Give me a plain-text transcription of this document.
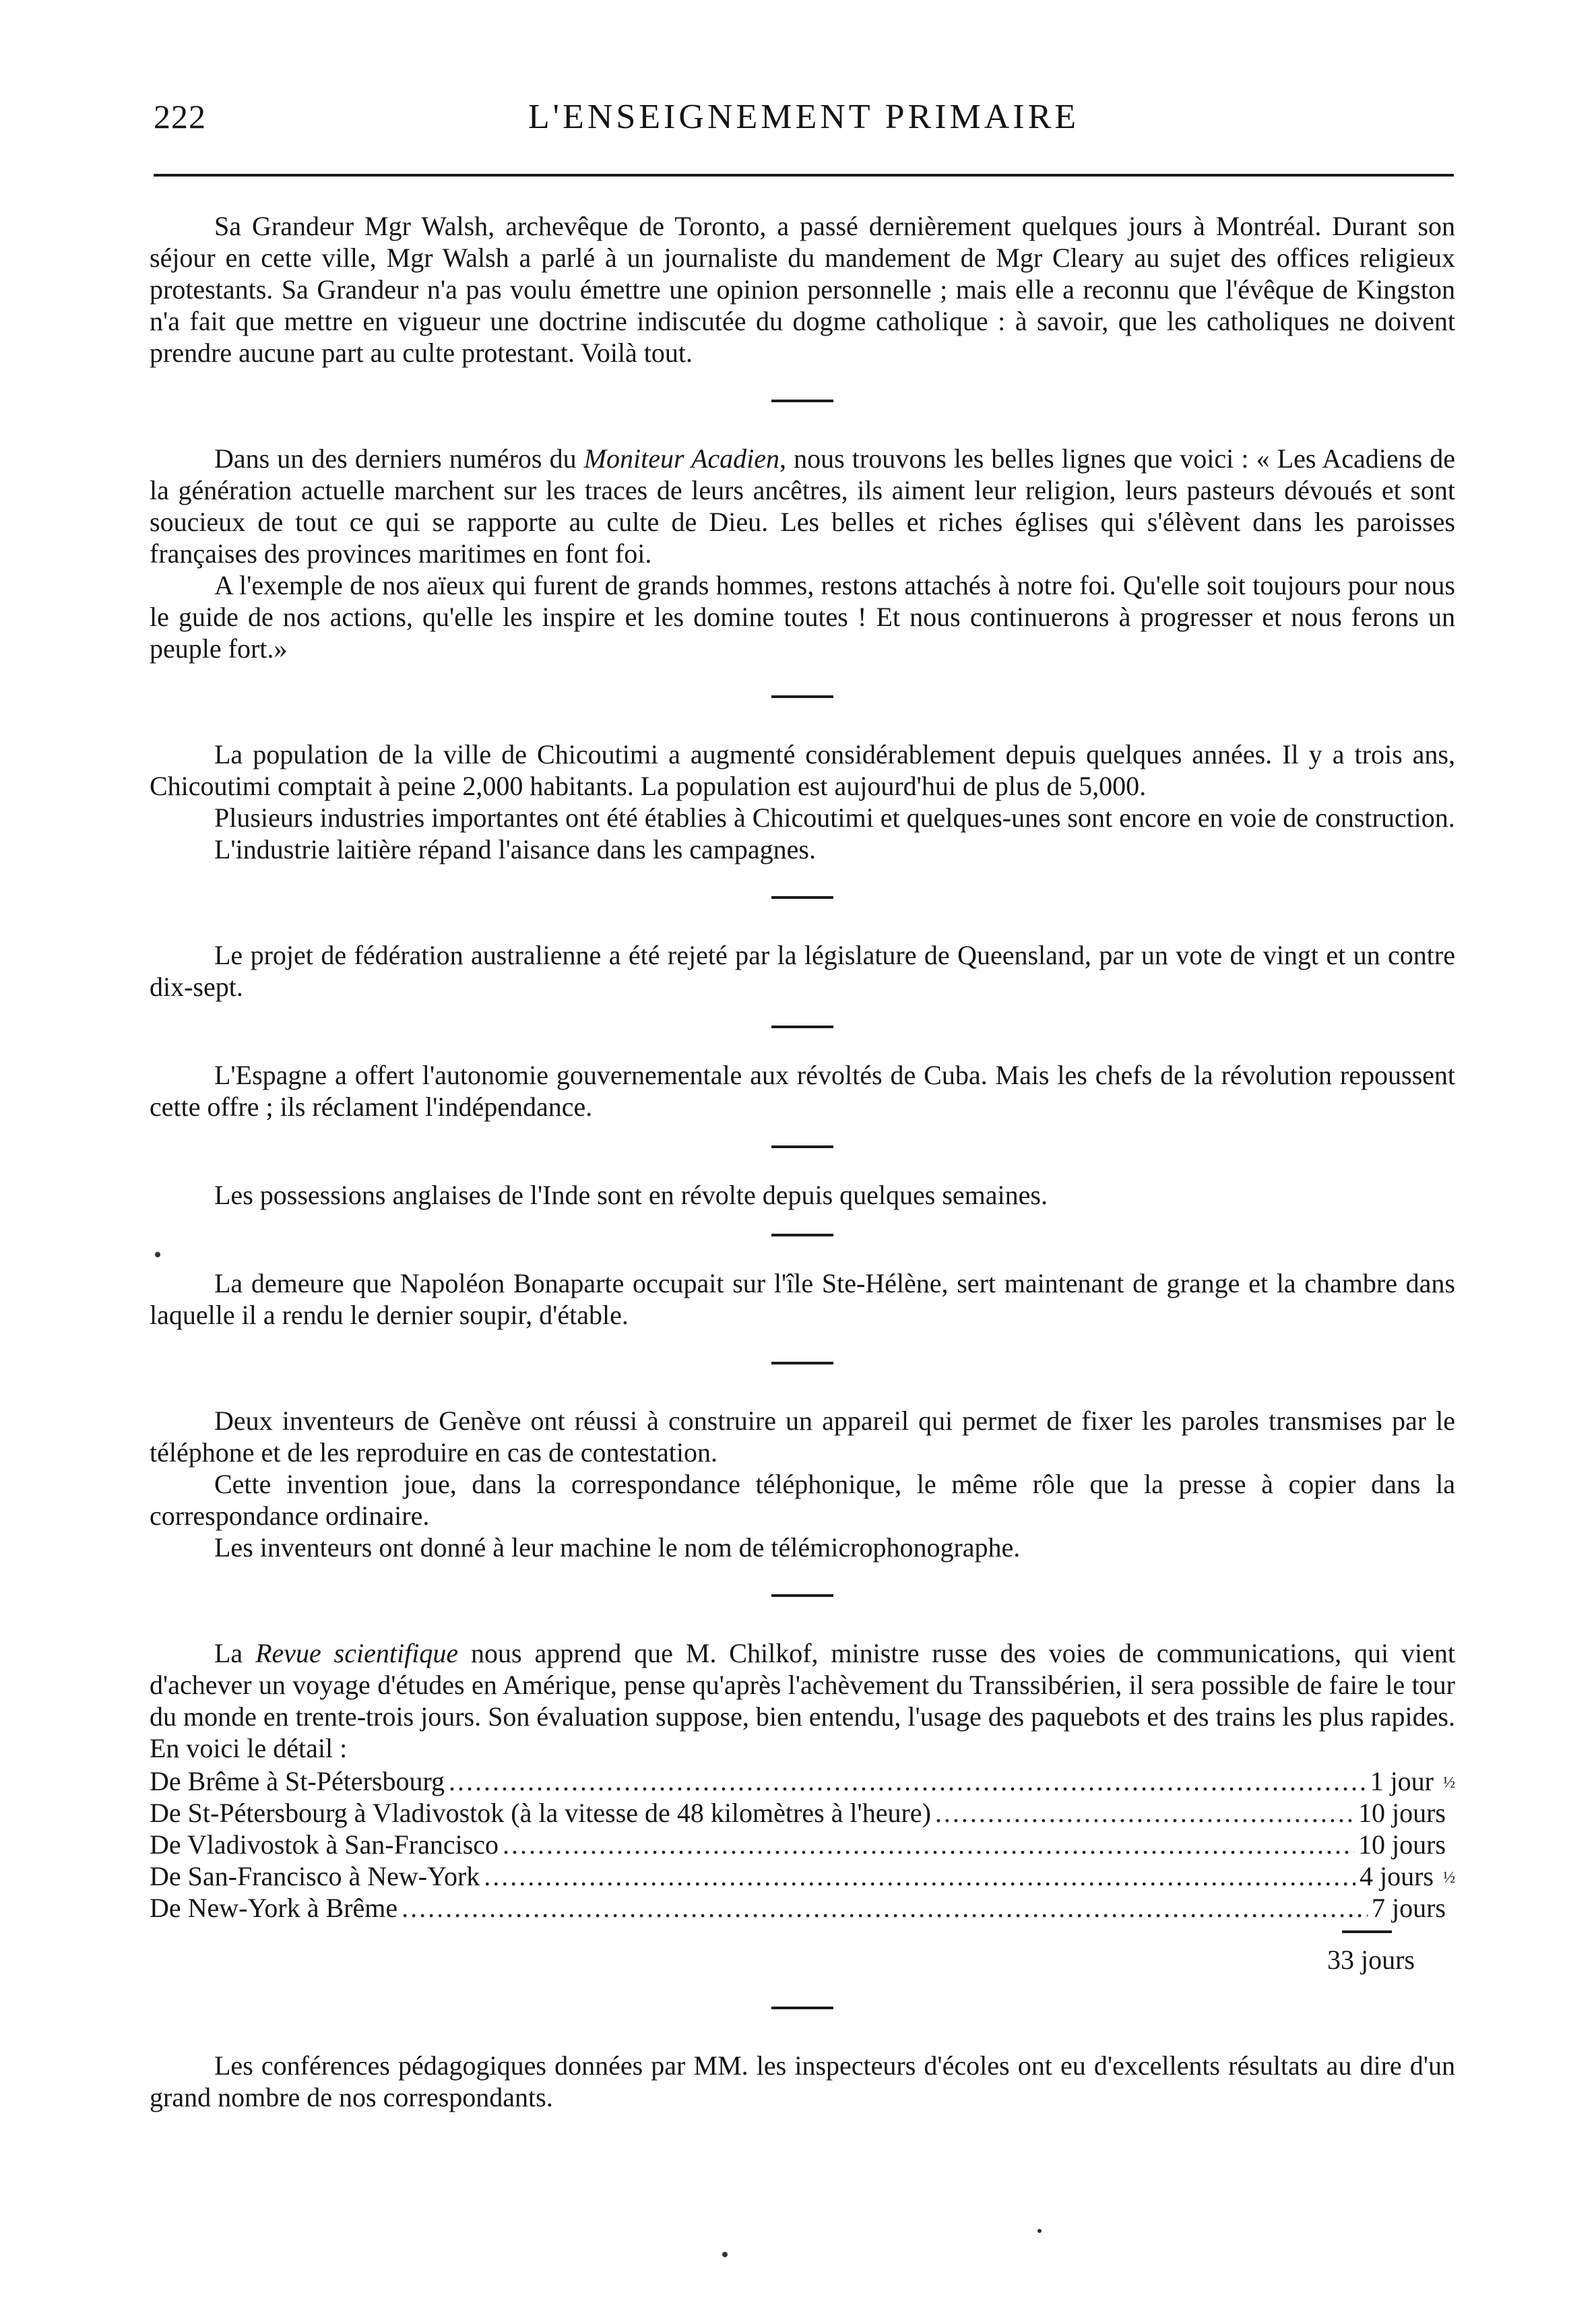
222	L'ENSEIGNEMENT PRIMAIRE

Sa Grandeur Mgr Walsh, archevêque de Toronto, a passé dernièrement quelques jours à Montréal. Durant son séjour en cette ville, Mgr Walsh a parlé à un journaliste du mandement de Mgr Cleary au sujet des offices religieux protestants. Sa Grandeur n'a pas voulu émettre une opinion personnelle ; mais elle a reconnu que l'évêque de Kingston n'a fait que mettre en vigueur une doctrine indiscutée du dogme catholique : à savoir, que les catholiques ne doivent prendre aucune part au culte protestant. Voilà tout.

Dans un des derniers numéros du Moniteur Acadien, nous trouvons les belles lignes que voici : « Les Acadiens de la génération actuelle marchent sur les traces de leurs ancêtres, ils aiment leur religion, leurs pasteurs dévoués et sont soucieux de tout ce qui se rapporte au culte de Dieu. Les belles et riches églises qui s'élèvent dans les paroisses françaises des provinces maritimes en font foi.

A l'exemple de nos aïeux qui furent de grands hommes, restons attachés à notre foi. Qu'elle soit toujours pour nous le guide de nos actions, qu'elle les inspire et les domine toutes ! Et nous continuerons à progresser et nous ferons un peuple fort.»

La population de la ville de Chicoutimi a augmenté considérablement depuis quelques années. Il y a trois ans, Chicoutimi comptait à peine 2,000 habitants. La population est aujourd'hui de plus de 5,000.

Plusieurs industries importantes ont été établies à Chicoutimi et quelques-unes sont encore en voie de construction.

L'industrie laitière répand l'aisance dans les campagnes.

Le projet de fédération australienne a été rejeté par la législature de Queensland, par un vote de vingt et un contre dix-sept.

L'Espagne a offert l'autonomie gouvernementale aux révoltés de Cuba. Mais les chefs de la révolution repoussent cette offre ; ils réclament l'indépendance.

Les possessions anglaises de l'Inde sont en révolte depuis quelques semaines.

La demeure que Napoléon Bonaparte occupait sur l'île Ste-Hélène, sert maintenant de grange et la chambre dans laquelle il a rendu le dernier soupir, d'étable.

Deux inventeurs de Genève ont réussi à construire un appareil qui permet de fixer les paroles transmises par le téléphone et de les reproduire en cas de contestation.

Cette invention joue, dans la correspondance téléphonique, le même rôle que la presse à copier dans la correspondance ordinaire.

Les inventeurs ont donné à leur machine le nom de télémicrophonographe.

La Revue scientifique nous apprend que M. Chilkof, ministre russe des voies de communications, qui vient d'achever un voyage d'études en Amérique, pense qu'après l'achèvement du Transsibérien, il sera possible de faire le tour du monde en trente-trois jours. Son évaluation suppose, bien entendu, l'usage des paquebots et des trains les plus rapides. En voici le détail :

De Brême à St-Pétersbourg .....	1 jour ½
De St-Pétersbourg à Vladivostok (à la vitesse de 48 kilomètres à l'heure) .....	10 jours
De Vladivostok à San-Francisco .....	10 jours
De San-Francisco à New-York .....	4 jours ½
De New-York à Brême .....	7 jours
33 jours

Les conférences pédagogiques données par MM. les inspecteurs d'écoles ont eu d'excellents résultats au dire d'un grand nombre de nos correspondants.
